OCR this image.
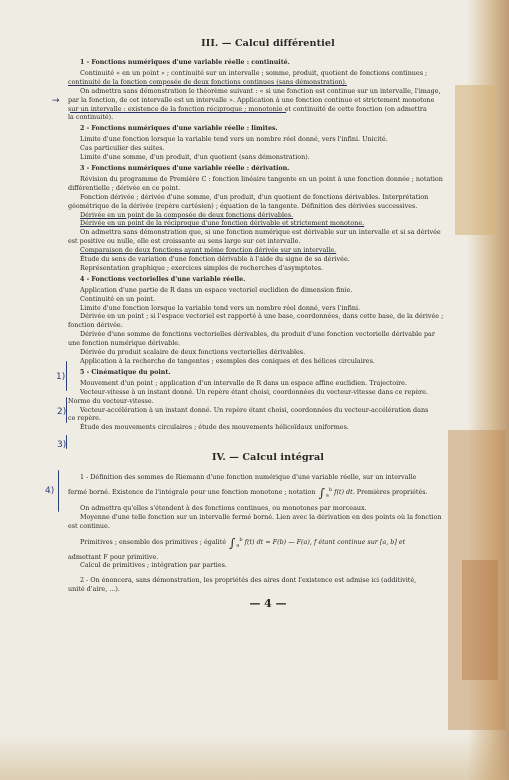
III. — Calcul différentiel
1 - Fonctions numériques d'une variable réelle : continuité.

Continuité « en un point » ; continuité sur un intervalle ; somme, produit, quotient de fonctions continues ;

continuité de la fonction composée de deux fonctions continues (sans démonstration).

On admettra sans démonstration le théorème suivant : « si une fonction est continue sur un intervalle, l'image,

par la fonction, de cet intervalle est un intervalle ». Application à une fonction continue et strictement monotone

sur un intervalle : existence de la fonction réciproque ; monotonie et continuité de cette fonction (on admettra

la continuité).

2 - Fonctions numériques d'une variable réelle : limites.

Limite d'une fonction lorsque la variable tend vers un nombre réel donné, vers l'infini. Unicité.

Cas particulier des suites.

Limite d'une somme, d'un produit, d'un quotient (sans démonstration).

3 - Fonctions numériques d'une variable réelle : dérivation.

Révision du programme de Première C : fonction linéaire tangente en un point à une fonction donnée ; notation

différentielle ; dérivée en ce point.

Fonction dérivée ; dérivée d'une somme, d'un produit, d'un quotient de fonctions dérivables. Interprétation

géométrique de la dérivée (repère cartésien) ; équation de la tangente. Définition des dérivées successives.

Dérivée en un point de la composée de deux fonctions dérivables.

Dérivée en un point de la réciproque d'une fonction dérivable et strictement monotone.

On admettra sans démonstration que, si une fonction numérique est dérivable sur un intervalle et si sa dérivée

est positive ou nulle, elle est croissante au sens large sur cet intervalle.

Comparaison de deux fonctions ayant même fonction dérivée sur un intervalle.

Étude du sens de variation d'une fonction dérivable à l'aide du signe de sa dérivée.

Représentation graphique ; exercices simples de recherches d'asymptotes.

4 - Fonctions vectorielles d'une variable réelle.

Application d'une partie de R dans un espace vectoriel euclidien de dimension finie.

Continuité en un point.

Limite d'une fonction lorsque la variable tend vers un nombre réel donné, vers l'infini.

Dérivée en un point ; si l'espace vectoriel est rapporté à une base, coordonnées, dans cette base, de la dérivée ;

fonction dérivée.

Dérivée d'une somme de fonctions vectorielles dérivables, du produit d'une fonction vectorielle dérivable par

une fonction numérique dérivable.

Dérivée du produit scalaire de deux fonctions vectorielles dérivables.

Application à la recherche de tangentes ; exemples des coniques et des hélices circulaires.

5 - Cinématique du point.

Mouvement d'un point ; application d'un intervalle de R dans un espace affine euclidien. Trajectoire.

Vecteur-vitesse à un instant donné. Un repère étant choisi, coordonnées du vecteur-vitesse dans ce repère.

Norme du vecteur-vitesse.

Vecteur-accélération à un instant donné. Un repère étant choisi, coordonnées du vecteur-accélération dans

ce repère.

Étude des mouvements circulaires ; étude des mouvements hélicoïdaux uniformes.

IV. — Calcul intégral

1 - Définition des sommes de Riemann d'une fonction numérique d'une variable réelle, sur un intervalle

fermé borné. Existence de l'intégrale pour une fonction monotone ; notation $\int_a^b$ f(t) dt. Premières propriétés.

On admettra qu'elles s'étendent à des fonctions continues, ou monotones par morceaux.

Moyenne d'une telle fonction sur un intervalle fermé borné. Lien avec la dérivation en des points où la fonction

est continue.

Primitives ; ensemble des primitives ; égalité $\int_a^b$ f(t) dt = F(b) — F(a), f étant continue sur [a, b] et

admettant F pour primitive.

Calcul de primitives ; intégration par parties.

2 - On énoncera, sans démonstration, les propriétés des aires dont l'existence est admise ici (additivité,

unité d'aire, ...).

— 4 —
1)
2)
3)
4)
→
